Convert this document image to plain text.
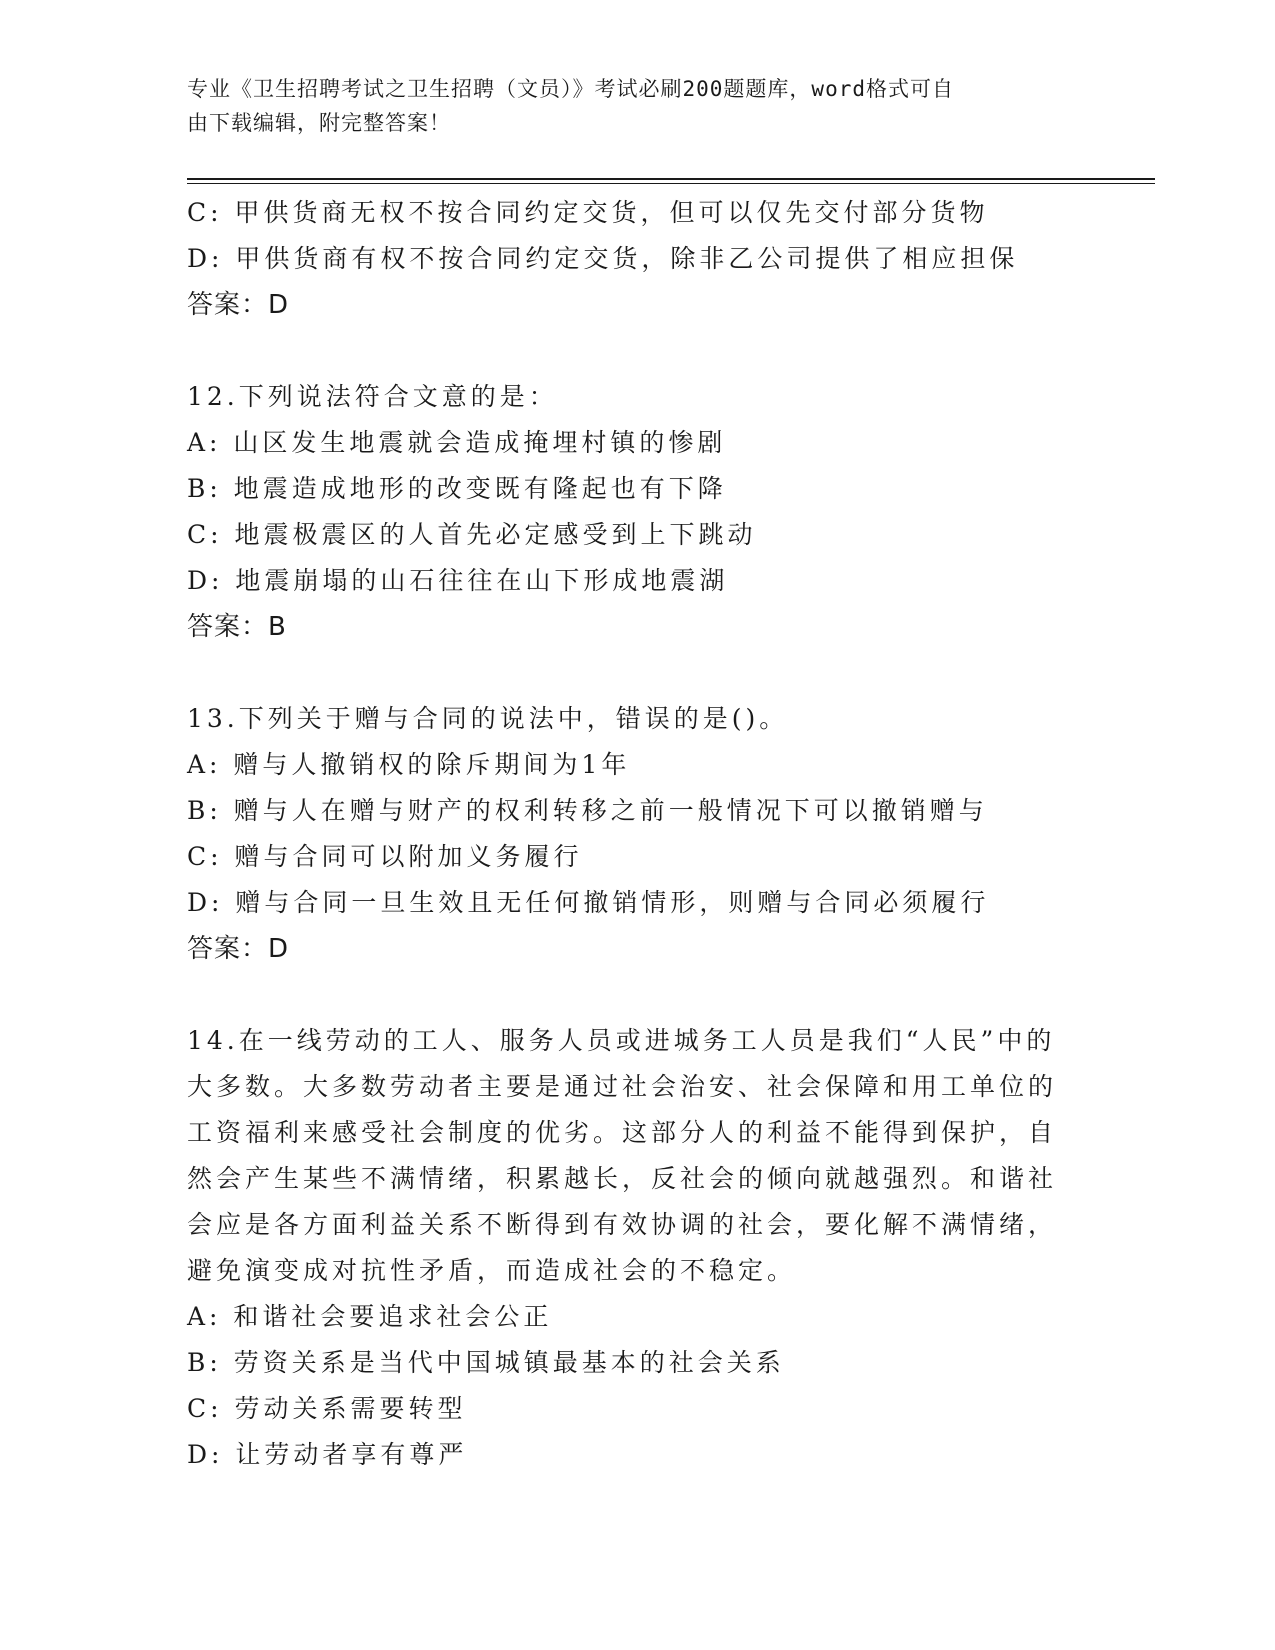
专业《卫生招聘考试之卫生招聘（文员）》考试必刷200题题库，word格式可自
由下载编辑，附完整答案！
C: 甲供货商无权不按合同约定交货，但可以仅先交付部分货物
D: 甲供货商有权不按合同约定交货，除非乙公司提供了相应担保
答案：D
12.下列说法符合文意的是：
A: 山区发生地震就会造成掩埋村镇的惨剧
B: 地震造成地形的改变既有隆起也有下降
C: 地震极震区的人首先必定感受到上下跳动
D: 地震崩塌的山石往往在山下形成地震湖
答案：B
13.下列关于赠与合同的说法中，错误的是()。
A: 赠与人撤销权的除斥期间为1年
B: 赠与人在赠与财产的权利转移之前一般情况下可以撤销赠与
C: 赠与合同可以附加义务履行
D: 赠与合同一旦生效且无任何撤销情形，则赠与合同必须履行
答案：D
14.在一线劳动的工人、服务人员或进城务工人员是我们“人民”中的
大多数。大多数劳动者主要是通过社会治安、社会保障和用工单位的
工资福利来感受社会制度的优劣。这部分人的利益不能得到保护，自
然会产生某些不满情绪，积累越长，反社会的倾向就越强烈。和谐社
会应是各方面利益关系不断得到有效协调的社会，要化解不满情绪，
避免演变成对抗性矛盾，而造成社会的不稳定。
A: 和谐社会要追求社会公正
B: 劳资关系是当代中国城镇最基本的社会关系
C: 劳动关系需要转型
D: 让劳动者享有尊严
